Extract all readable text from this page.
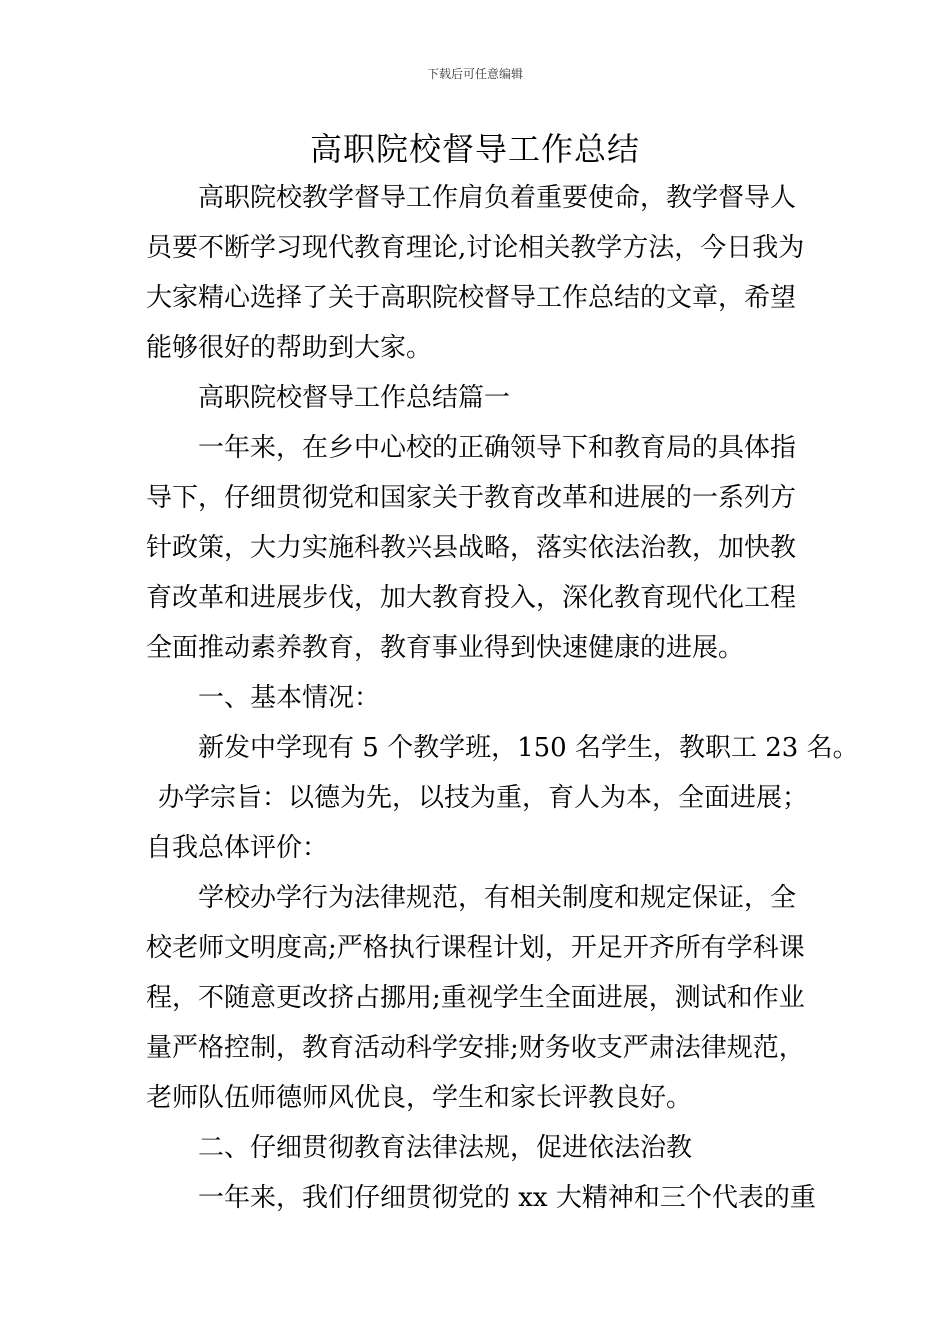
下载后可任意编辑
高职院校督导工作总结
高职院校教学督导工作肩负着重要使命，教学督导人
员要不断学习现代教育理论,讨论相关教学方法，今日我为
大家精心选择了关于高职院校督导工作总结的文章，希望
能够很好的帮助到大家。
高职院校督导工作总结篇一
一年来，在乡中心校的正确领导下和教育局的具体指
导下，仔细贯彻党和国家关于教育改革和进展的一系列方
针政策，大力实施科教兴县战略，落实依法治教，加快教
育改革和进展步伐，加大教育投入，深化教育现代化工程
全面推动素养教育，教育事业得到快速健康的进展。
一、基本情况：
新发中学现有 5 个教学班，150 名学生，教职工 23 名。
办学宗旨：以德为先，以技为重，育人为本，全面进展；
自我总体评价：
学校办学行为法律规范，有相关制度和规定保证，全
校老师文明度高;严格执行课程计划，开足开齐所有学科课
程，不随意更改挤占挪用;重视学生全面进展，测试和作业
量严格控制，教育活动科学安排;财务收支严肃法律规范，
老师队伍师德师风优良，学生和家长评教良好。
二、仔细贯彻教育法律法规，促进依法治教
一年来，我们仔细贯彻党的 xx 大精神和三个代表的重
